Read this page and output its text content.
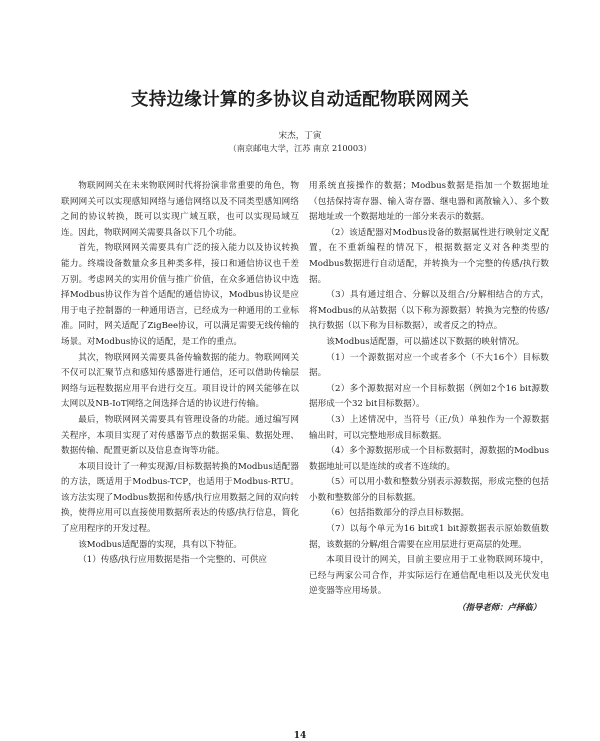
支持边缘计算的多协议自动适配物联网网关
宋杰，丁寅
（南京邮电大学，江苏 南京 210003）

物联网网关在未来物联网时代将扮演非常重要的角色，物联网网关可以实现感知网络与通信网络以及不同类型感知网络之间的协议转换，既可以实现广域互联，也可以实现局域互连。因此，物联网网关需要具备以下几个功能。

首先，物联网网关需要具有广泛的接入能力以及协议转换能力。终端设备数量众多且种类多样，接口和通信协议也千差万别。考虑网关的实用价值与推广价值，在众多通信协议中选择Modbus协议作为首个适配的通信协议，Modbus协议是应用于电子控制器的一种通用语言，已经成为一种通用的工业标准。同时，网关适配了ZigBee协议，可以满足需要无线传输的场景。对Modbus协议的适配，是工作的重点。

其次，物联网网关需要具备传输数据的能力。物联网网关不仅可以汇聚节点和感知传感器进行通信，还可以借助传输层网络与远程数据应用平台进行交互。项目设计的网关能够在以太网以及NB-IoT网络之间选择合适的协议进行传输。

最后，物联网网关需要具有管理设备的功能。通过编写网关程序，本项目实现了对传感器节点的数据采集、数据处理、数据传输、配置更新以及信息查询等功能。

本项目设计了一种实现源/目标数据转换的Modbus适配器的方法，既适用于Modbus-TCP，也适用于Modbus-RTU。该方法实现了Modbus数据和传感/执行应用数据之间的双向转换，使得应用可以直接使用数据所表达的传感/执行信息，简化了应用程序的开发过程。

该Modbus适配器的实现，具有以下特征。

（1）传感/执行应用数据是指一个完整的、可供应

用系统直接操作的数据；Modbus数据是指加一个数据地址（包括保持寄存器、输入寄存器、继电器和离散输入）、多个数据地址或一个数据地址的一部分来表示的数据。

（2）该适配器对Modbus设备的数据属性进行映射定义配置，在不重新编程的情况下，根据数据定义对各种类型的Modbus数据进行自动适配，并转换为一个完整的传感/执行数据。

（3）具有通过组合、分解以及组合/分解相结合的方式，将Modbus的从站数据（以下称为源数据）转换为完整的传感/执行数据（以下称为目标数据），或者反之的特点。

该Modbus适配器，可以描述以下数据的映射情况。

（1）一个源数据对应一个或者多个（不大16个）目标数据。

（2）多个源数据对应一个目标数据（例如2个16 bit源数据形成一个32 bit目标数据）。

（3）上述情况中，当符号（正/负）单独作为一个源数据输出时，可以完整地形成目标数据。

（4）多个源数据形成一个目标数据时，源数据的Modbus数据地址可以是连续的或者不连续的。

（5）可以用小数和整数分别表示源数据，形成完整的包括小数和整数部分的目标数据。

（6）包括指数部分的浮点目标数据。

（7）以每个单元为16 bit或1 bit源数据表示原始数值数据，该数据的分解/组合需要在应用层进行更高层的处理。

本项目设计的网关，目前主要应用于工业物联网环境中，已经与两家公司合作，并实际运行在通信配电柜以及光伏发电逆变器等应用场景。

（指导老师：卢择临）
14
